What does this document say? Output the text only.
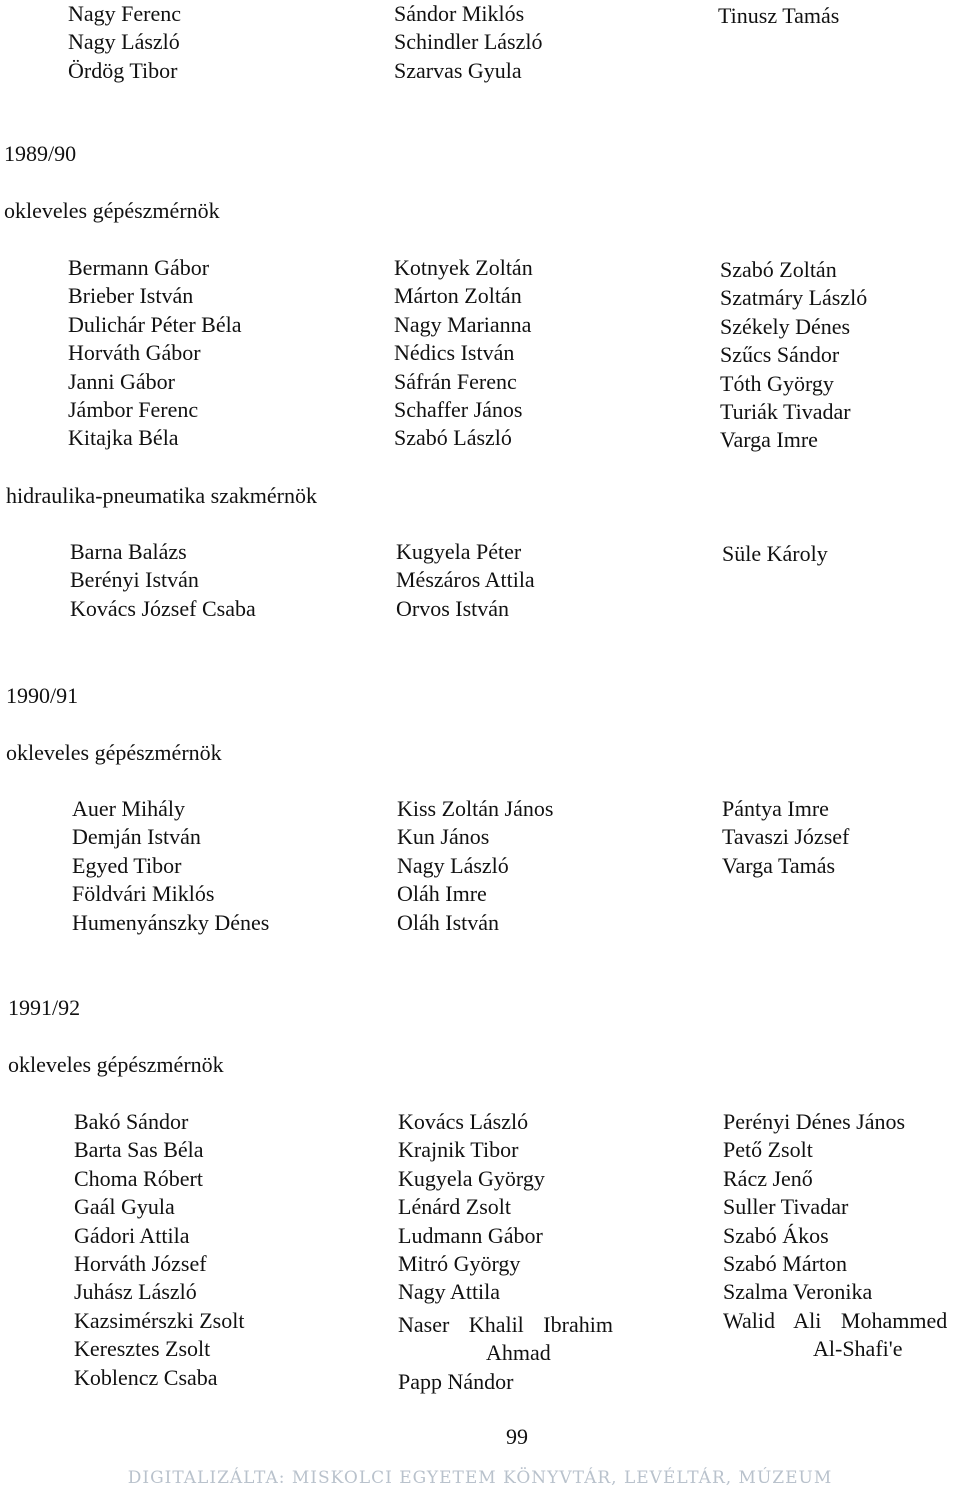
Nagy Ferenc
Nagy László
Ördög Tibor
Sándor Miklós
Schindler László
Szarvas Gyula
Tinusz Tamás
1989/90
okleveles gépészmérnök
Bermann Gábor
Brieber István
Dulichár Péter Béla
Horváth Gábor
Janni Gábor
Jámbor Ferenc
Kitajka Béla
Kotnyek Zoltán
Márton Zoltán
Nagy Marianna
Nédics István
Sáfrán Ferenc
Schaffer János
Szabó László
Szabó Zoltán
Szatmáry László
Székely Dénes
Szűcs Sándor
Tóth György
Turiák Tivadar
Varga Imre
hidraulika-pneumatika szakmérnök
Barna Balázs
Berényi István
Kovács József Csaba
Kugyela Péter
Mészáros Attila
Orvos István
Süle Károly
1990/91
okleveles gépészmérnök
Auer Mihály
Demján István
Egyed Tibor
Földvári Miklós
Humenyánszky Dénes
Kiss Zoltán János
Kun János
Nagy László
Oláh Imre
Oláh István
Pántya Imre
Tavaszi József
Varga Tamás
1991/92
okleveles gépészmérnök
Bakó Sándor
Barta Sas Béla
Choma Róbert
Gaál Gyula
Gádori Attila
Horváth József
Juhász László
Kazsimérszki Zsolt
Keresztes Zsolt
Koblencz Csaba
Kovács László
Krajnik Tibor
Kugyela György
Lénárd Zsolt
Ludmann Gábor
Mitró György
Nagy Attila
Naser Khalil Ibrahim
Ahmad
Papp Nándor
Perényi Dénes János
Pető Zsolt
Rácz Jenő
Suller Tivadar
Szabó Ákos
Szabó Márton
Szalma Veronika
Walid Ali Mohammed
Al-Shafi'e
99
DIGITALIZÁLTA: MISKOLCI EGYETEM KÖNYVTÁR, LEVÉLTÁR, MÚZEUM
